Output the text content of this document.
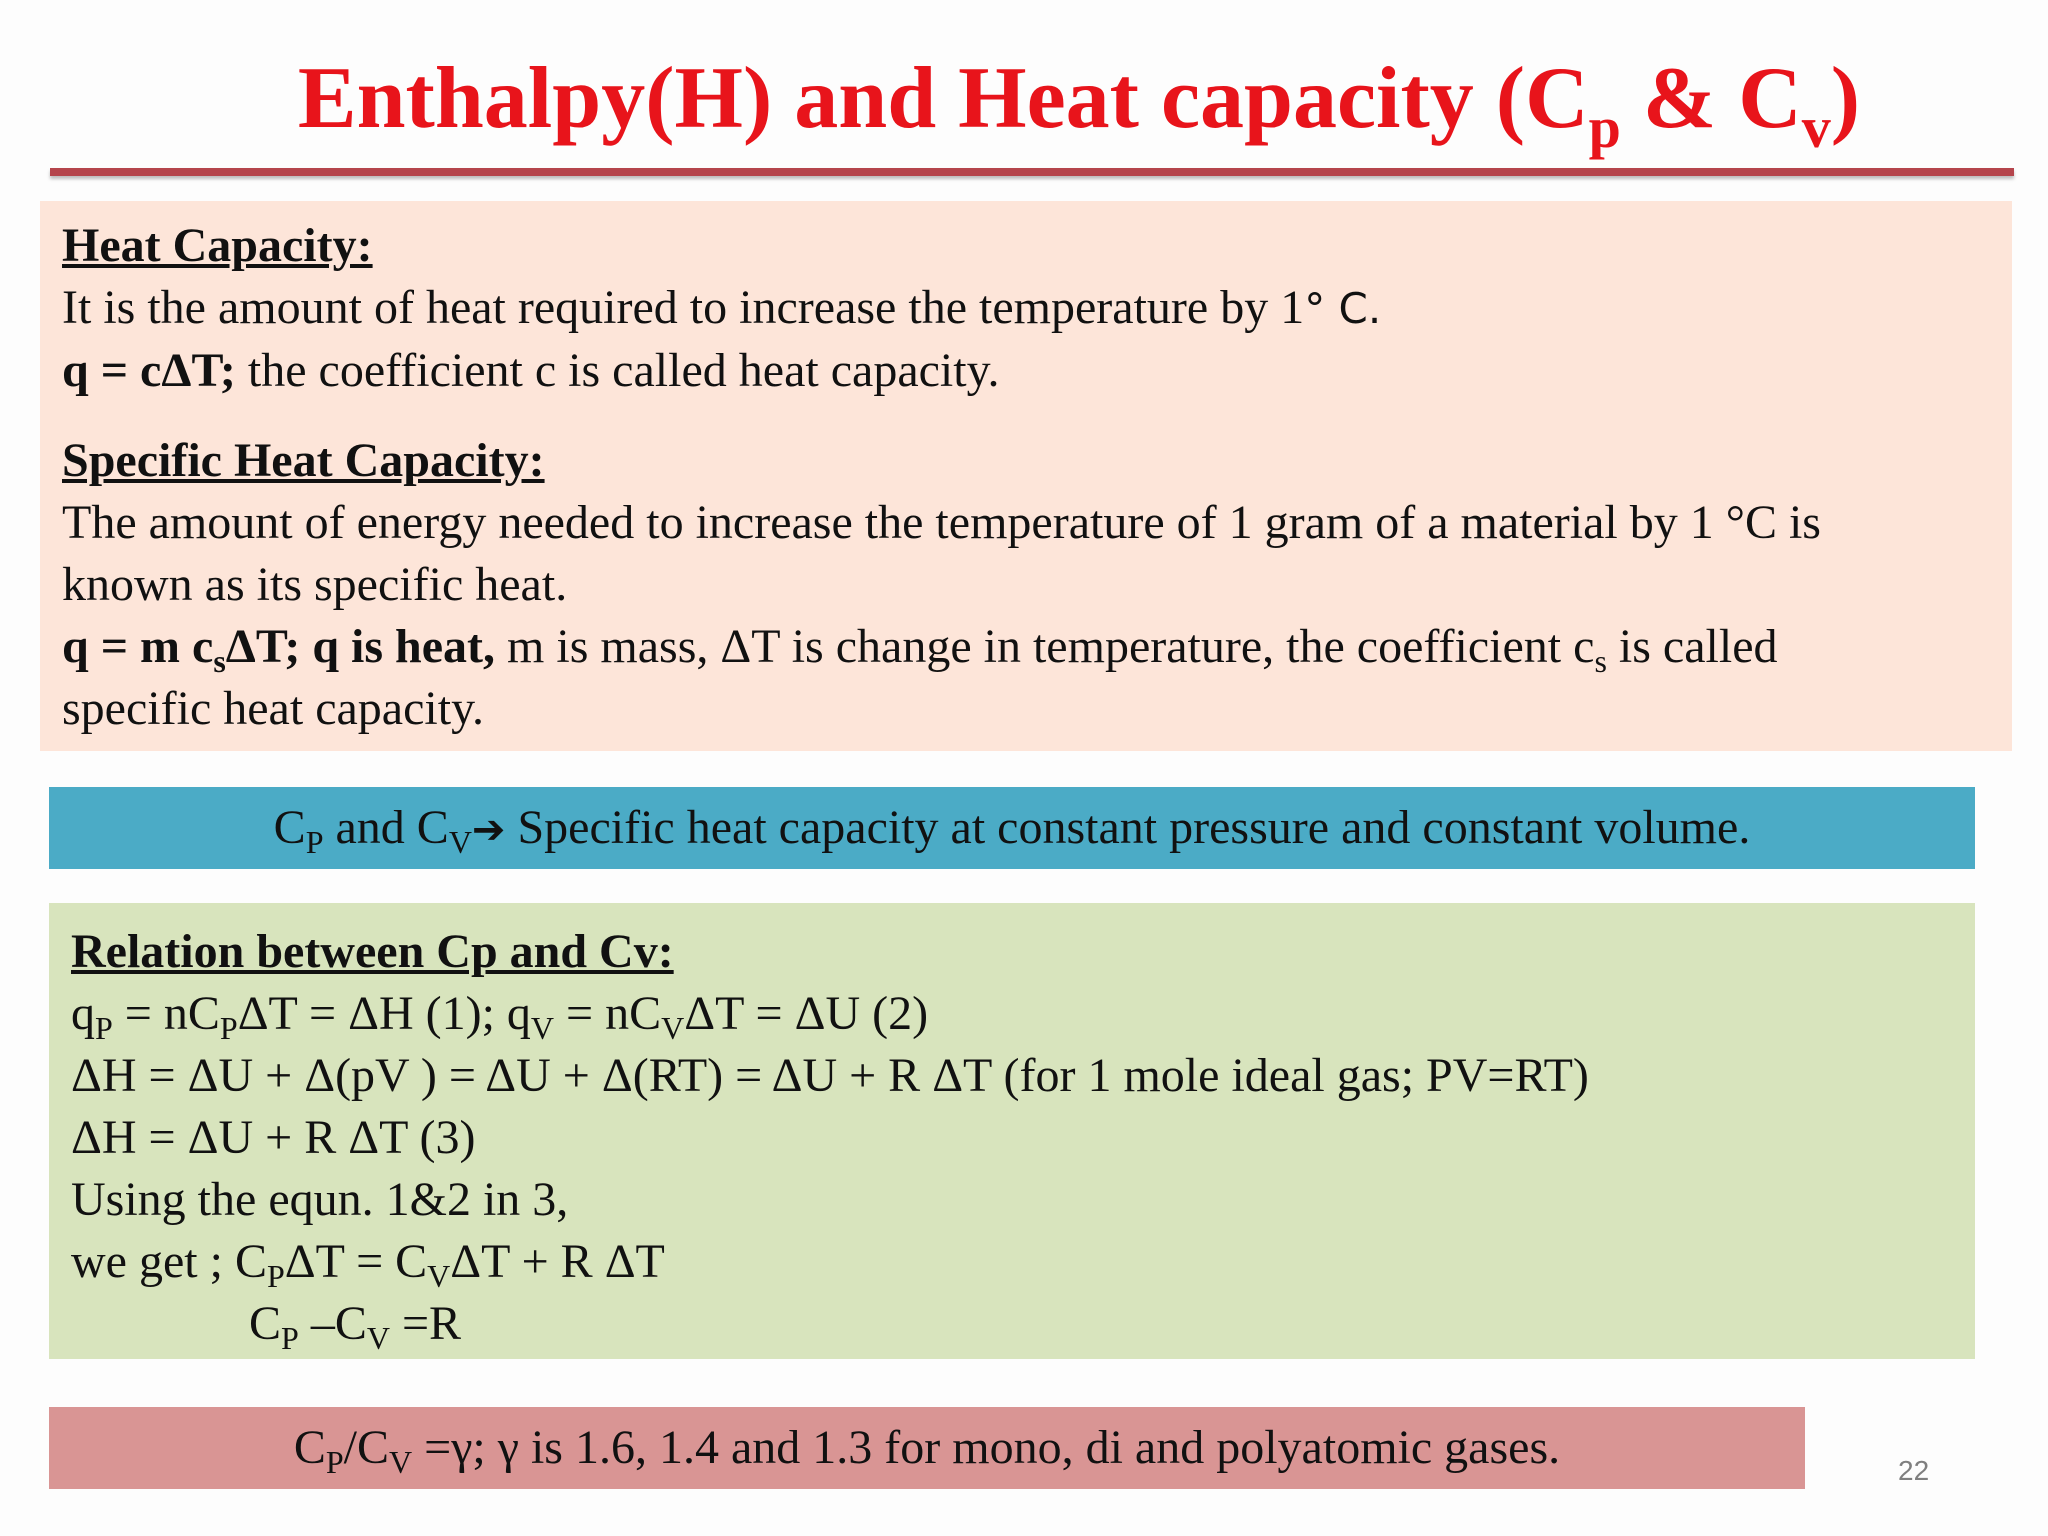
Enthalpy(H) and Heat capacity ($C_p$ & $C_v$)
Heat Capacity:
It is the amount of heat required to increase the temperature by 1° C.
q = cΔT; the coefficient c is called heat capacity.
Specific Heat Capacity:
The amount of energy needed to increase the temperature of 1 gram of a material by 1 °C is
known as its specific heat.
q = m $c_s\Delta T$; q is heat, m is mass, ΔT is change in temperature, the coefficient $c_s$ is called
specific heat capacity.
$C_P$ and $C_V➔$ Specific heat capacity at constant pressure and constant volume.
Relation between Cp and Cv:
$q_P = nC_P\Delta T = \Delta H$ (1); $q_V = nC_V\Delta T = \Delta U$ (2)
ΔH = ΔU + Δ(pV ) = ΔU + Δ(RT) = ΔU + R ΔT (for 1 mole ideal gas; PV=RT)
ΔH = ΔU + R ΔT (3)
Using the equn. 1&2 in 3,
we get ; $C_P\Delta T = C_V\Delta T + R$ ΔT
$C_P$ $-C_V =R$
$C_P/C_V =\gamma$; γ is 1.6, 1.4 and 1.3 for mono, di and polyatomic gases.	22
